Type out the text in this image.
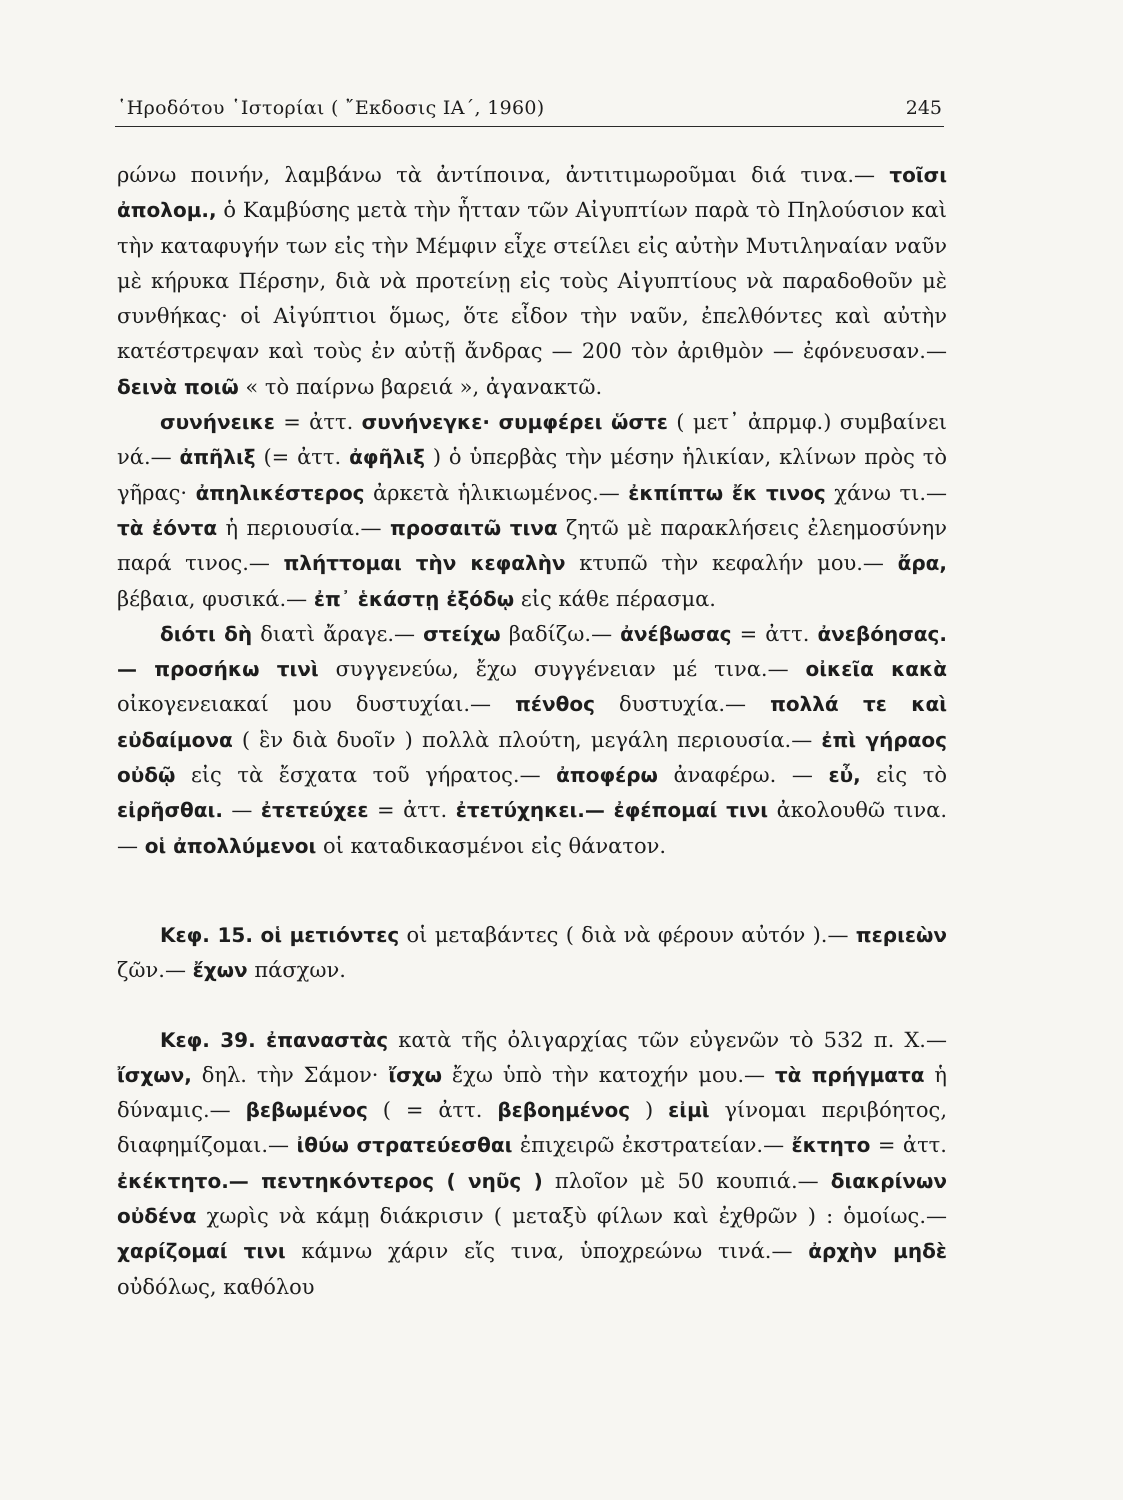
῾Ηροδότου ῾Ιστορίαι ( ῎Εκδοσις ΙΑ΄, 1960)	245

ρώνω ποινήν, λαμβάνω τὰ ἀντίποινα, ἀντιτιμωροῦμαι διά τινα.— τοῖσι ἀπολομ., ὁ Καμβύσης μετὰ τὴν ἧτταν τῶν Αἰγυπτίων παρὰ τὸ Πηλούσιον καὶ τὴν καταφυγήν των εἰς τὴν Μέμφιν εἶχε στείλει εἰς αὐτὴν Μυτιληναίαν ναῦν μὲ κήρυκα Πέρσην, διὰ νὰ προτείνῃ εἰς τοὺς Αἰγυπτίους νὰ παραδοθοῦν μὲ συνθήκας· οἱ Αἰγύπτιοι ὅμως, ὅτε εἶδον τὴν ναῦν, ἐπελθόντες καὶ αὐτὴν κατέστρεψαν καὶ τοὺς ἐν αὐτῇ ἄνδρας — 200 τὸν ἀριθμὸν — ἐφόνευσαν.— δεινὰ ποιῶ « τὸ παίρνω βαρειά », ἀγανακτῶ.

συνήνεικε = ἀττ. συνήνεγκε· συμφέρει ὥστε ( μετ᾽ ἀπρμφ.) συμβαίνει νά.— ἀπῆλιξ (= ἀττ. ἀφῆλιξ ) ὁ ὑπερβὰς τὴν μέσην ἡλικίαν, κλίνων πρὸς τὸ γῆρας· ἀπηλικέστερος ἀρκετὰ ἡλικιωμένος.— ἐκπίπτω ἔκ τινος χάνω τι.— τὰ ἐόντα ἡ περιουσία.— προσαιτῶ τινα ζητῶ μὲ παρακλήσεις ἐλεημοσύνην παρά τινος.— πλήττομαι τὴν κεφαλὴν κτυπῶ τὴν κεφαλήν μου.— ἄρα, βέβαια, φυσικά.— ἐπ᾽ ἑκάστῃ ἐξόδῳ εἰς κάθε πέρασμα.

διότι δὴ διατὶ ἄραγε.— στείχω βαδίζω.— ἀνέβωσας = ἀττ. ἀνεβόησας.— προσήκω τινὶ συγγενεύω, ἔχω συγγένειαν μέ τινα.— οἰκεῖα κακὰ οἰκογενειακαί μου δυστυχίαι.— πένθος δυστυχία.— πολλά τε καὶ εὐδαίμονα ( ἓν διὰ δυοῖν ) πολλὰ πλούτη, μεγάλη περιουσία.— ἐπὶ γήραος οὐδῷ εἰς τὰ ἔσχατα τοῦ γήρατος.— ἀποφέρω ἀναφέρω. — εὖ, εἰς τὸ εἰρῆσθαι. — ἐτετεύχεε = ἀττ. ἐτετύχηκει.— ἐφέπομαί τινι ἀκολουθῶ τινα.— οἱ ἀπολλύμενοι οἱ καταδικασμένοι εἰς θάνατον.

Κεφ. 15. οἱ μετιόντες οἱ μεταβάντες ( διὰ νὰ φέρουν αὐτόν ).— περιεὼν ζῶν.— ἔχων πάσχων.

Κεφ. 39. ἐπαναστὰς κατὰ τῆς ὀλιγαρχίας τῶν εὐγενῶν τὸ 532 π. Χ.— ἴσχων, δηλ. τὴν Σάμον· ἴσχω ἔχω ὑπὸ τὴν κατοχήν μου.— τὰ πρήγματα ἡ δύναμις.— βεβωμένος ( = ἀττ. βεβοημένος ) εἰμὶ γίνομαι περιβόητος, διαφημίζομαι.— ἰθύω στρατεύεσθαι ἐπιχειρῶ ἐκστρατείαν.— ἔκτητο = ἀττ. ἐκέκτητο.— πεντηκόντερος ( νηῦς ) πλοῖον μὲ 50 κουπιά.— διακρίνων οὐδένα χωρὶς νὰ κάμῃ διάκρισιν ( μεταξὺ φίλων καὶ ἐχθρῶν ) : ὁμοίως.— χαρίζομαί τινι κάμνω χάριν εἴς τινα, ὑποχρεώνω τινά.— ἀρχὴν μηδὲ οὐδόλως, καθόλου
